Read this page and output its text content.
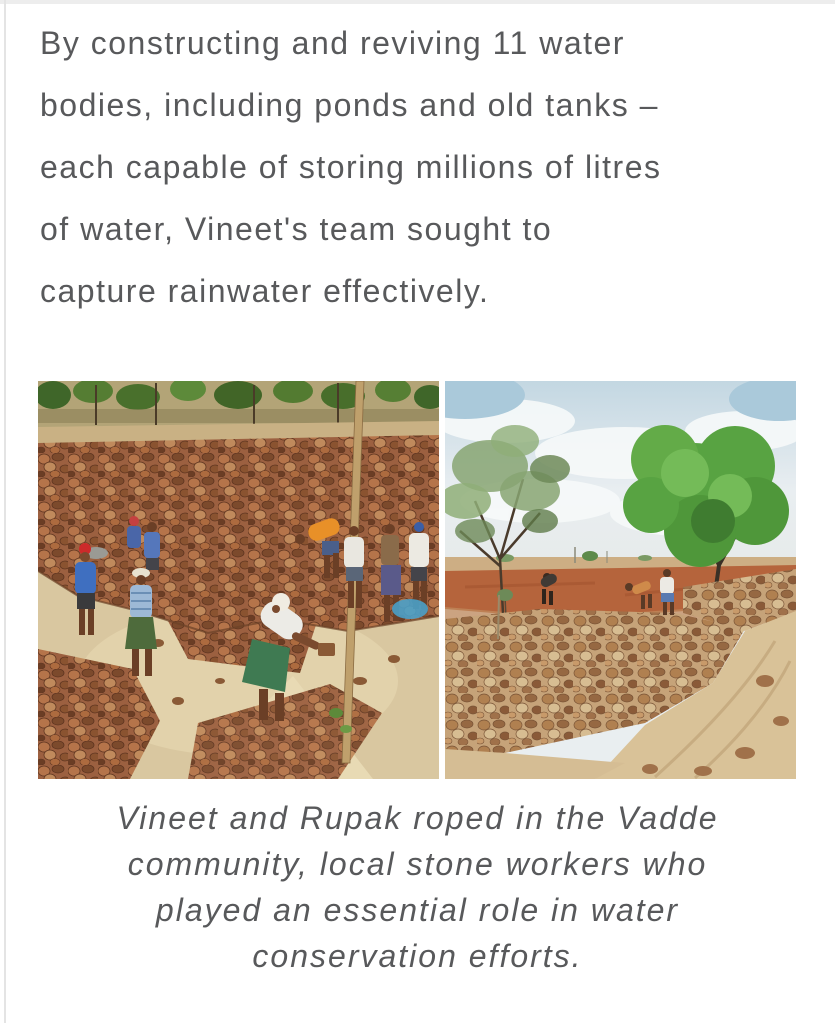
By constructing and reviving 11 water
bodies, including ponds and old tanks –
each capable of storing millions of litres
of water, Vineet's team sought to
capture rainwater effectively.
Vineet and Rupak roped in the Vadde
community, local stone workers who
played an essential role in water
conservation efforts.
